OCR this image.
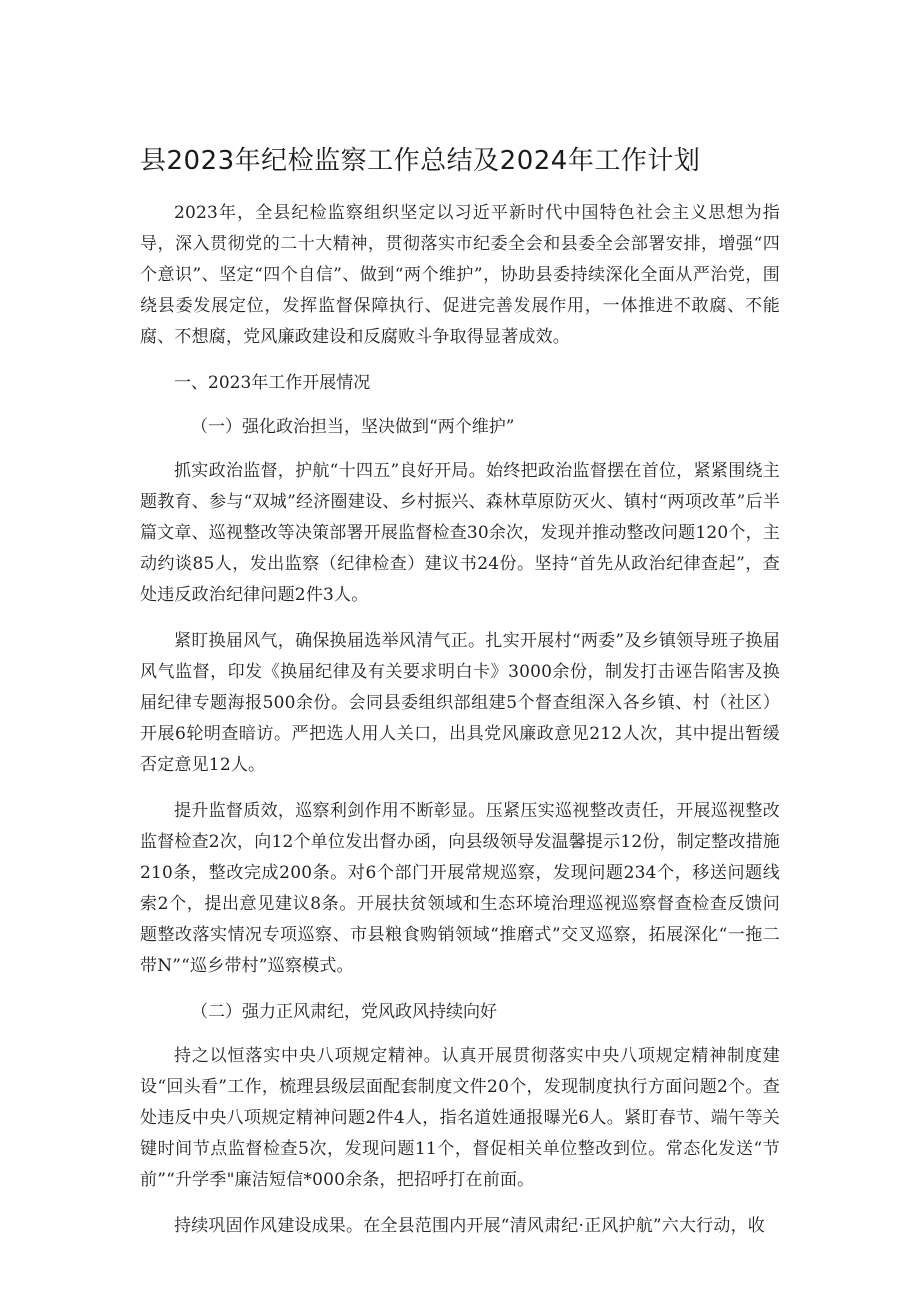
县2023年纪检监察工作总结及2024年工作计划

2023年，全县纪检监察组织坚定以习近平新时代中国特色社会主义思想为指导，深入贯彻党的二十大精神，贯彻落实市纪委全会和县委全会部署安排，增强“四个意识”、坚定“四个自信”、做到“两个维护”，协助县委持续深化全面从严治党，围绕县委发展定位，发挥监督保障执行、促进完善发展作用，一体推进不敢腐、不能腐、不想腐，党风廉政建设和反腐败斗争取得显著成效。

一、2023年工作开展情况

（一）强化政治担当，坚决做到“两个维护”

抓实政治监督，护航“十四五”良好开局。始终把政治监督摆在首位，紧紧围绕主题教育、参与“双城”经济圈建设、乡村振兴、森林草原防灭火、镇村“两项改革”后半篇文章、巡视整改等决策部署开展监督检查30余次，发现并推动整改问题120个，主动约谈85人，发出监察（纪律检查）建议书24份。坚持“首先从政治纪律查起”，查处违反政治纪律问题2件3人。

紧盯换届风气，确保换届选举风清气正。扎实开展村“两委”及乡镇领导班子换届风气监督，印发《换届纪律及有关要求明白卡》3000余份，制发打击诬告陷害及换届纪律专题海报500余份。会同县委组织部组建5个督查组深入各乡镇、村（社区）开展6轮明查暗访。严把选人用人关口，出具党风廉政意见212人次，其中提出暂缓否定意见12人。

提升监督质效，巡察利剑作用不断彰显。压紧压实巡视整改责任，开展巡视整改监督检查2次，向12个单位发出督办函，向县级领导发温馨提示12份，制定整改措施210条，整改完成200条。对6个部门开展常规巡察，发现问题234个，移送问题线索2个，提出意见建议8条。开展扶贫领域和生态环境治理巡视巡察督查检查反馈问题整改落实情况专项巡察、市县粮食购销领域“推磨式”交叉巡察，拓展深化“一拖二带N”“巡乡带村”巡察模式。

（二）强力正风肃纪，党风政风持续向好

持之以恒落实中央八项规定精神。认真开展贯彻落实中央八项规定精神制度建设“回头看”工作，梳理县级层面配套制度文件20个，发现制度执行方面问题2个。查处违反中央八项规定精神问题2件4人，指名道姓通报曝光6人。紧盯春节、端午等关键时间节点监督检查5次，发现问题11个，督促相关单位整改到位。常态化发送“节前”“升学季"廉洁短信*000余条，把招呼打在前面。

持续巩固作风建设成果。在全县范围内开展“清风肃纪·正风护航”六大行动，收
